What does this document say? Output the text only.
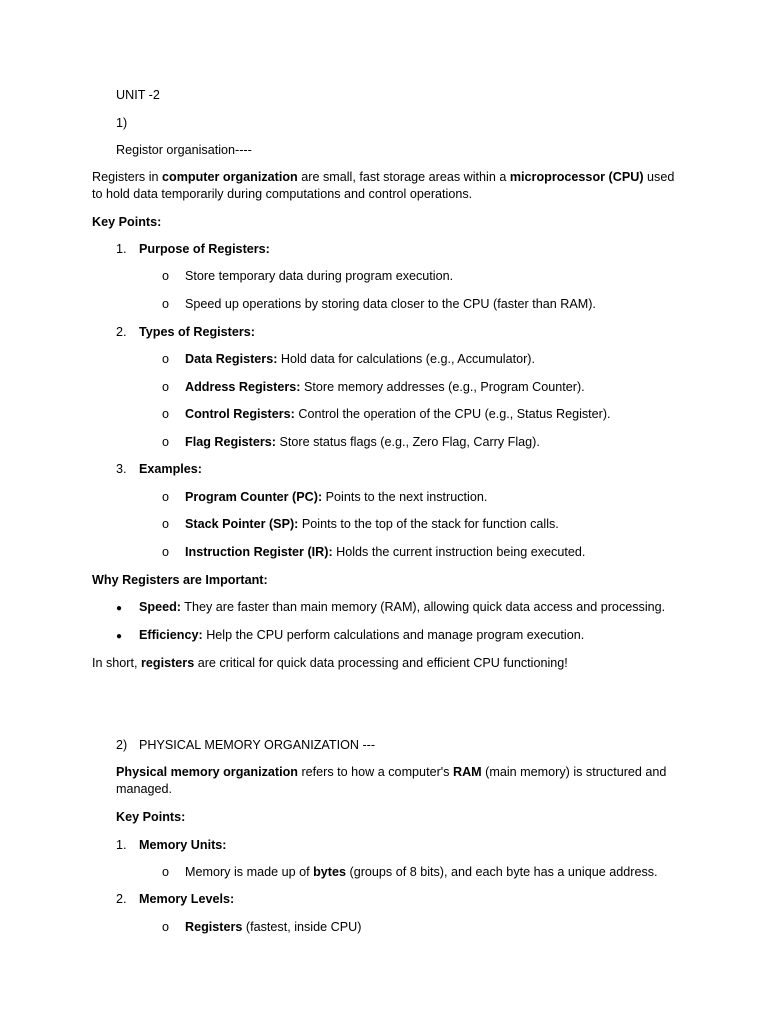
UNIT -2
1)
Registor organisation----
Registers in computer organization are small, fast storage areas within a microprocessor (CPU) used
to hold data temporarily during computations and control operations.
Key Points:
1. Purpose of Registers:
o Store temporary data during program execution.
o Speed up operations by storing data closer to the CPU (faster than RAM).
2. Types of Registers:
o Data Registers: Hold data for calculations (e.g., Accumulator).
o Address Registers: Store memory addresses (e.g., Program Counter).
o Control Registers: Control the operation of the CPU (e.g., Status Register).
o Flag Registers: Store status flags (e.g., Zero Flag, Carry Flag).
3. Examples:
o Program Counter (PC): Points to the next instruction.
o Stack Pointer (SP): Points to the top of the stack for function calls.
o Instruction Register (IR): Holds the current instruction being executed.
Why Registers are Important:
● Speed: They are faster than main memory (RAM), allowing quick data access and processing.
● Efficiency: Help the CPU perform calculations and manage program execution.
In short, registers are critical for quick data processing and efficient CPU functioning!
2) PHYSICAL MEMORY ORGANIZATION ---
Physical memory organization refers to how a computer's RAM (main memory) is structured and
managed.
Key Points:
1. Memory Units:
o Memory is made up of bytes (groups of 8 bits), and each byte has a unique address.
2. Memory Levels:
o Registers (fastest, inside CPU)
